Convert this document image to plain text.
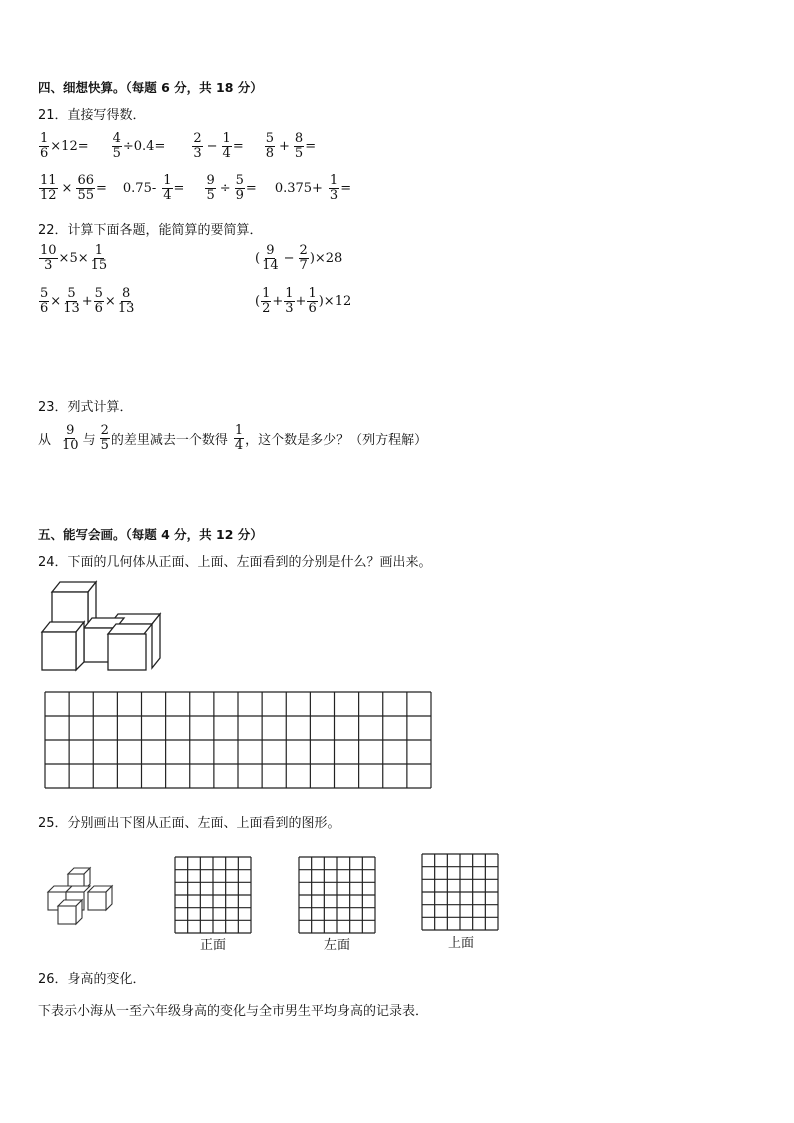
四、细想快算。（每题 6 分，共 18 分）
21．直接写得数．
$\frac{1}{6} \times 12= \frac{4}{5} \div 0.4= \frac{2}{3} - \frac{1}{4} = \frac{5}{8} + \frac{8}{5}$ =
$\frac{11}{12} \times \frac{66}{55} = 0.75- \frac{1}{4} = \frac{9}{5} \div \frac{5}{9} = 0.375+ \frac{1}{3}$ =
22．计算下面各题，能简算的要简算．
$\frac{10}{3} \times 5\times \frac{1}{15}$	( $\frac{9}{14} - \frac{2}{7} )\times 28$
$\frac{5}{6} \times \frac{5}{13} + \frac{5}{6} \times \frac{8}{13}$	( $\frac{1}{2} + \frac{1}{3} + \frac{1}{6} )\times 12$
23．列式计算．
从 $\frac{9}{10}$ 与 $\frac{2}{5}$ 的差里减去一个数得 $\frac{1}{4}$ ，这个数是多少？（列方程解）
五、能写会画。（每题 4 分，共 12 分）
24．下面的几何体从正面、上面、左面看到的分别是什么？画出来。
25．分别画出下图从正面、左面、上面看到的图形。
正面	左面	上面
26．身高的变化．
下表示小海从一至六年级身高的变化与全市男生平均身高的记录表．
